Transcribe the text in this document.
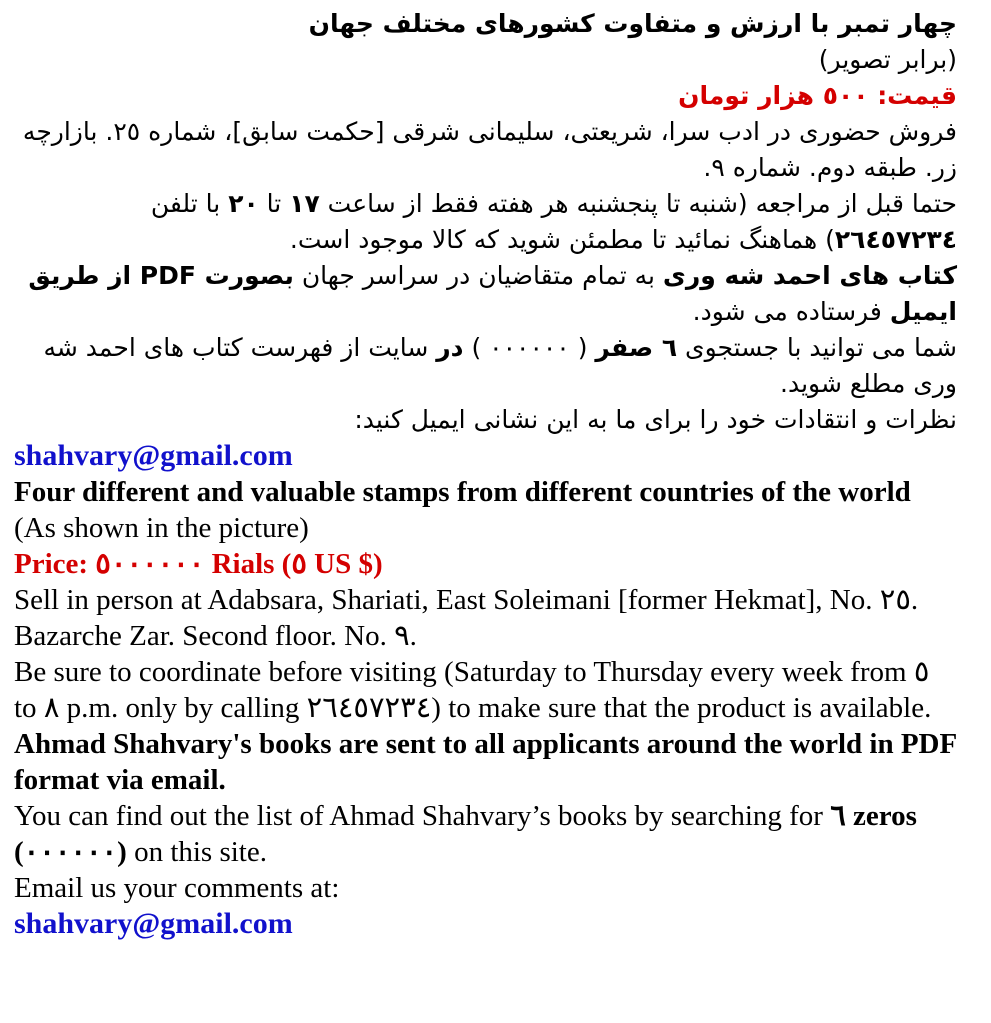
چهار تمبر با ارزش و متفاوت کشورهای مختلف جهان

(برابر تصویر)

قیمت: ٥٠٠ هزار تومان

فروش حضوری در ادب سرا، شریعتی، سلیمانی شرقی [حکمت سابق]، شماره ٢٥. بازارچه زر. طبقه دوم. شماره ٩.

حتما قبل از مراجعه (شنبه تا پنجشنبه هر هفته فقط از ساعت ١٧ تا ٢٠ با تلفن ٢٦٤٥٧٢٣٤) هماهنگ نمائید تا مطمئن شوید که کالا موجود است.

کتاب های احمد شه وری به تمام متقاضیان در سراسر جهان بصورت PDF از طریق ایمیل فرستاده می شود.

شما می توانید با جستجوی ٦ صفر ( ٠٠٠٠٠٠ ) در سایت از فهرست کتاب های احمد شه وری مطلع شوید.

نظرات و انتقادات خود را برای ما به این نشانی ایمیل کنید:

shahvary@gmail.com

Four different and valuable stamps from different countries of the world

(As shown in the picture)

Price: ٥٠٠٠٠٠٠ Rials (٥ US $)

Sell in person at Adabsara, Shariati, East Soleimani [former Hekmat], No. ٢٥. Bazarche Zar. Second floor. No. ٩.

Be sure to coordinate before visiting (Saturday to Thursday every week from ٥ to ٨ p.m. only by calling ٢٦٤٥٧٢٣٤) to make sure that the product is available.

Ahmad Shahvary's books are sent to all applicants around the world in PDF format via email.

You can find out the list of Ahmad Shahvary’s books by searching for ٦ zeros (٠٠٠٠٠٠) on this site.

Email us your comments at:

shahvary@gmail.com
